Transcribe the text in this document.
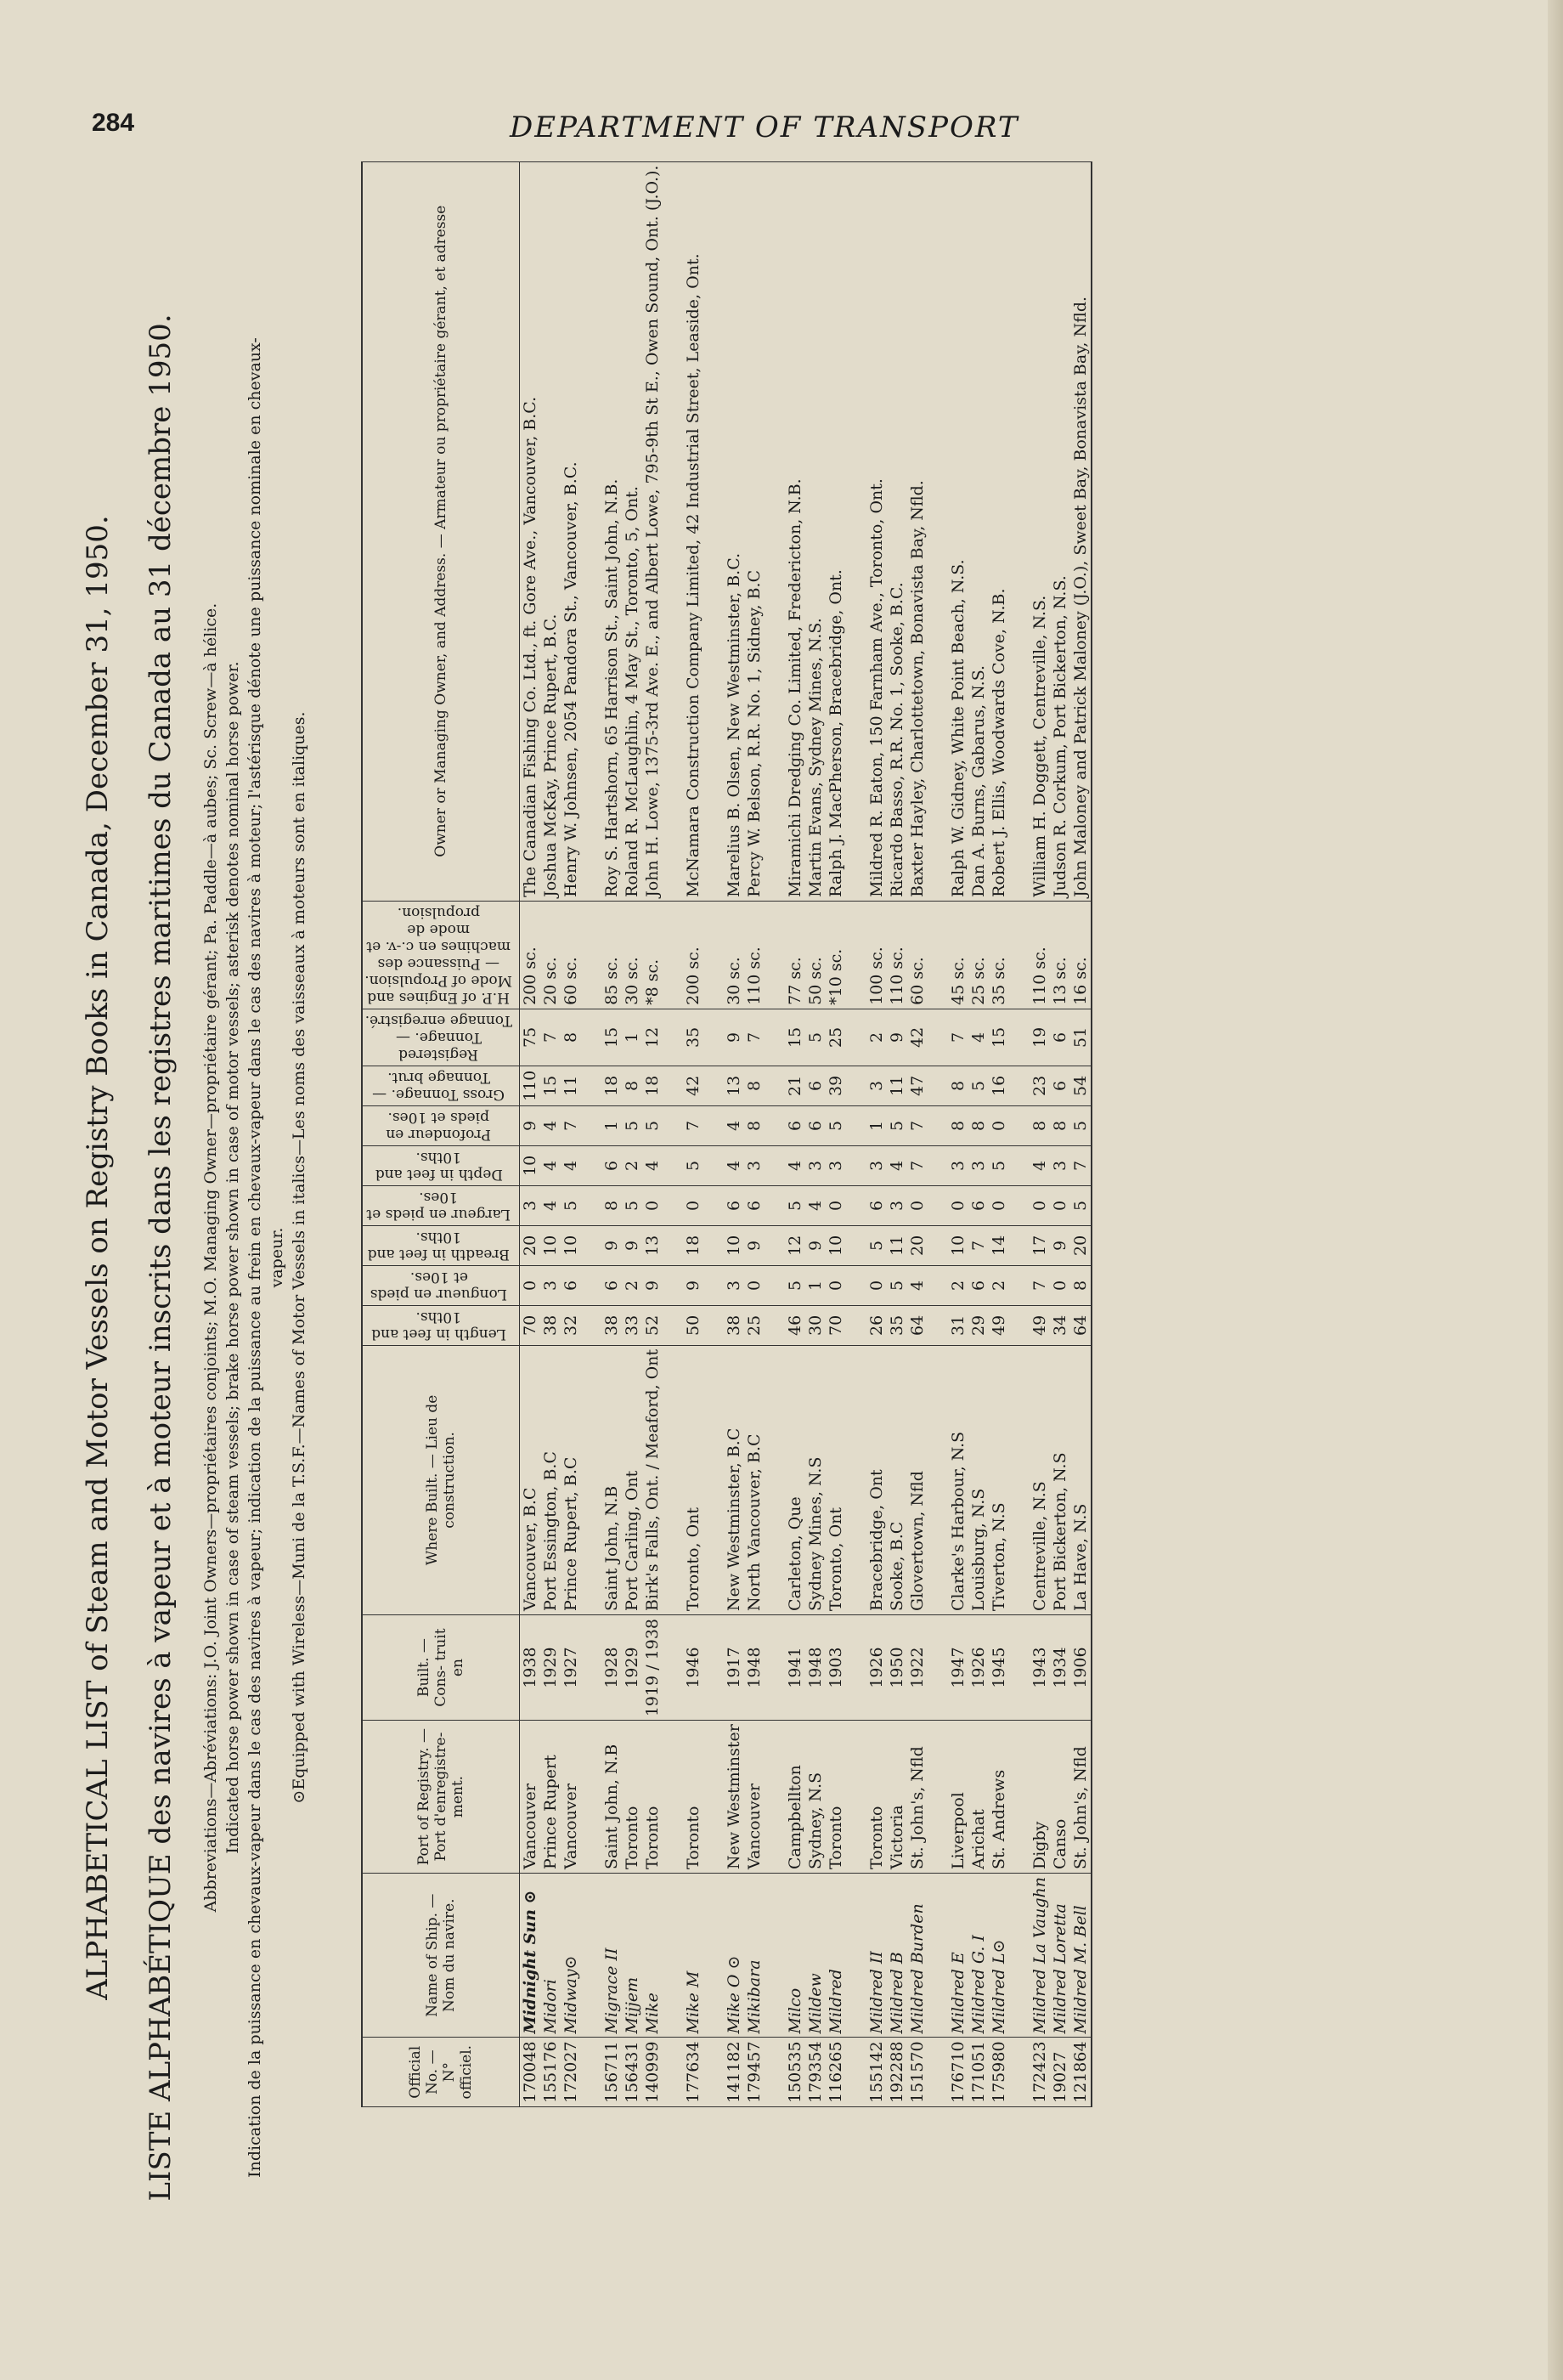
284	DEPARTMENT OF TRANSPORT
ALPHABETICAL LIST of Steam and Motor Vessels on Registry Books in Canada, December 31, 1950. LISTE ALPHABÉTIQUE des navires à vapeur et à moteur inscrits dans les registres maritimes du Canada au 31 décembre 1950. Abbreviations—Abréviations: J.O. Joint Owners—propriétaires conjoints; M.O. Managing Owner—propriétaire gérant; Pa. Paddle—à aubes; Sc. Screw—à hélice. Indicated horse power shown in case of steam vessels; brake horse power shown in case of motor vessels; asterisk denotes nominal horse power. Indication de la puissance en chevaux-vapeur dans le cas des navires à vapeur; indication de la puissance au frein en chevaux-vapeur dans le cas des navires à moteur; l'astérisque dénote une puissance nominale en chevaux-vapeur. ⊙Equipped with Wireless—Muni de la T.S.F.—Names of Motor Vessels in italics—Les noms des vaisseaux à moteurs sont en italiques.

Official No. — N° officiel.	Name of Ship. — Nom du navire.	Port of Registry. — Port d'enregistre- ment.	Built. — Cons- truit en	Where Built. — Lieu de construction.	Length in feet and 10ths.	Longueur en pieds et 10es.	Breadth in feet and 10ths.	Largeur en pieds et 10es.	Depth in feet and 10ths.	Profondeur en pieds et 10es.	Gross Tonnage. — Tonnage brut.	Registered Tonnage. — Tonnage enregistré.	H.P. of Engines and Mode of Propulsion. — Puissance des machines en c.-v. et mode de propulsion.	Owner or Managing Owner, and Address. — Armateur ou propriétaire gérant, et adresse
170048	Midnight Sun ⊙	Vancouver	1938	Vancouver, B.C	70	0	20	3	10	9	110	75	200 sc.	The Canadian Fishing Co. Ltd., ft. Gore Ave., Vancouver, B.C.
155176	Midori	Prince Rupert	1929	Port Essington, B.C	38	3	10	4	4	4	15	7	20 sc.	Joshua McKay, Prince Rupert, B.C.
172027	Midway⊙	Vancouver	1927	Prince Rupert, B.C	32	6	10	5	4	7	11	8	60 sc.	Henry W. Johnsen, 2054 Pandora St., Vancouver, B.C.

156711	Migrace II	Saint John, N.B	1928	Saint John, N.B	38	6	9	8	6	1	18	15	85 sc.	Roy S. Hartshorn, 65 Harrison St., Saint John, N.B.
156431	Mijjem	Toronto	1929	Port Carling, Ont	33	2	9	5	2	5	8	1	30 sc.	Roland R. McLaughlin, 4 May St., Toronto, 5, Ont.
140999	Mike	Toronto	1919 / 1938	Birk's Falls, Ont. / Meaford, Ont	52	9	13	0	4	5	18	12	*8 sc.	John H. Lowe, 1375-3rd Ave. E., and Albert Lowe, 795-9th St E., Owen Sound, Ont. (J.O.).

177634	Mike M	Toronto	1946	Toronto, Ont	50	9	18	0	5	7	42	35	200 sc.	McNamara Construction Company Limited, 42 Industrial Street, Leaside, Ont.

141182	Mike O ⊙	New Westminster	1917	New Westminster, B.C	38	3	10	6	4	4	13	9	30 sc.	Marelius B. Olsen, New Westminster, B.C.
179457	Mikibara	Vancouver	1948	North Vancouver, B.C	25	0	9	6	3	8	8	7	110 sc.	Percy W. Belson, R.R. No. 1, Sidney, B.C

150535	Milco	Campbellton	1941	Carleton, Que	46	5	12	5	4	6	21	15	77 sc.	Miramichi Dredging Co. Limited, Fredericton, N.B.
179354	Mildew	Sydney, N.S	1948	Sydney Mines, N.S	30	1	9	4	3	6	6	5	50 sc.	Martin Evans, Sydney Mines, N.S.
116265	Mildred	Toronto	1903	Toronto, Ont	70	0	10	0	3	5	39	25	*10 sc.	Ralph J. MacPherson, Bracebridge, Ont.

155142	Mildred II	Toronto	1926	Bracebridge, Ont	26	0	5	6	3	1	3	2	100 sc.	Mildred R. Eaton, 150 Farnham Ave., Toronto, Ont.
192288	Mildred B	Victoria	1950	Sooke, B.C	35	5	11	3	4	5	11	9	110 sc.	Ricardo Basso, R.R. No. 1, Sooke, B.C.
151570	Mildred Burden	St. John's, Nfld	1922	Glovertown, Nfld	64	4	20	0	7	7	47	42	60 sc.	Baxter Hayley, Charlottetown, Bonavista Bay, Nfld.

176710	Mildred E	Liverpool	1947	Clarke's Harbour, N.S	31	2	10	0	3	8	8	7	45 sc.	Ralph W. Gidney, White Point Beach, N.S.
171051	Mildred G. I	Arichat	1926	Louisburg, N.S	29	6	7	6	3	8	5	4	25 sc.	Dan A. Burns, Gabarus, N.S.
175980	Mildred L⊙	St. Andrews	1945	Tiverton, N.S	49	2	14	0	5	0	16	15	35 sc.	Robert J. Ellis, Woodwards Cove, N.B.

172423	Mildred La Vaughn	Digby	1943	Centreville, N.S	49	7	17	0	4	8	23	19	110 sc.	William H. Doggett, Centreville, N.S.
19027	Mildred Loretta	Canso	1934	Port Bickerton, N.S	34	0	9	0	3	8	6	6	13 sc.	Judson R. Corkum, Port Bickerton, N.S.
121864	Mildred M. Bell	St. John's, Nfld	1906	La Have, N.S	64	8	20	5	7	5	54	51	16 sc.	John Maloney and Patrick Maloney (J.O.), Sweet Bay, Bonavista Bay, Nfld.
